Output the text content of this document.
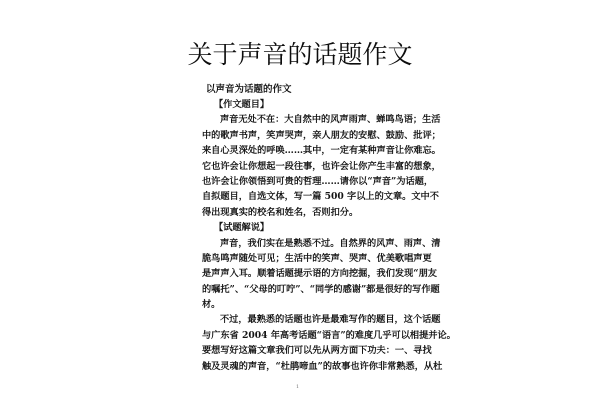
关于声音的话题作文
以声音为话题的作文
【作文题目】
声音无处不在：大自然中的风声雨声、蝉鸣鸟语；生活
中的歌声书声，笑声哭声，亲人朋友的安慰、鼓励、批评；
来自心灵深处的呼唤……其中，一定有某种声音让你难忘。
它也许会让你想起一段往事，也许会让你产生丰富的想象，
也许会让你领悟到可贵的哲理……请你以“声音”为话题，
自拟题目，自选文体，写一篇 500 字以上的文章。文中不
得出现真实的校名和姓名，否则扣分。
【试题解说】
声音，我们实在是熟悉不过。自然界的风声、雨声、清
脆鸟鸣声随处可见；生活中的笑声、哭声、优美歌唱声更
是声声入耳。顺着话题提示语的方向挖掘，我们发现“朋友
的嘱托”、“父母的叮咛”、“同学的感谢”都是很好的写作题
材。
不过，最熟悉的话题也许是最难写作的题目，这个话题
与广东省 2004 年高考话题“语言”的难度几乎可以相提并论。
要想写好这篇文章我们可以先从两方面下功夫：一、寻找
触及灵魂的声音，“杜鹃啼血”的故事也许你非常熟悉，从杜
1
